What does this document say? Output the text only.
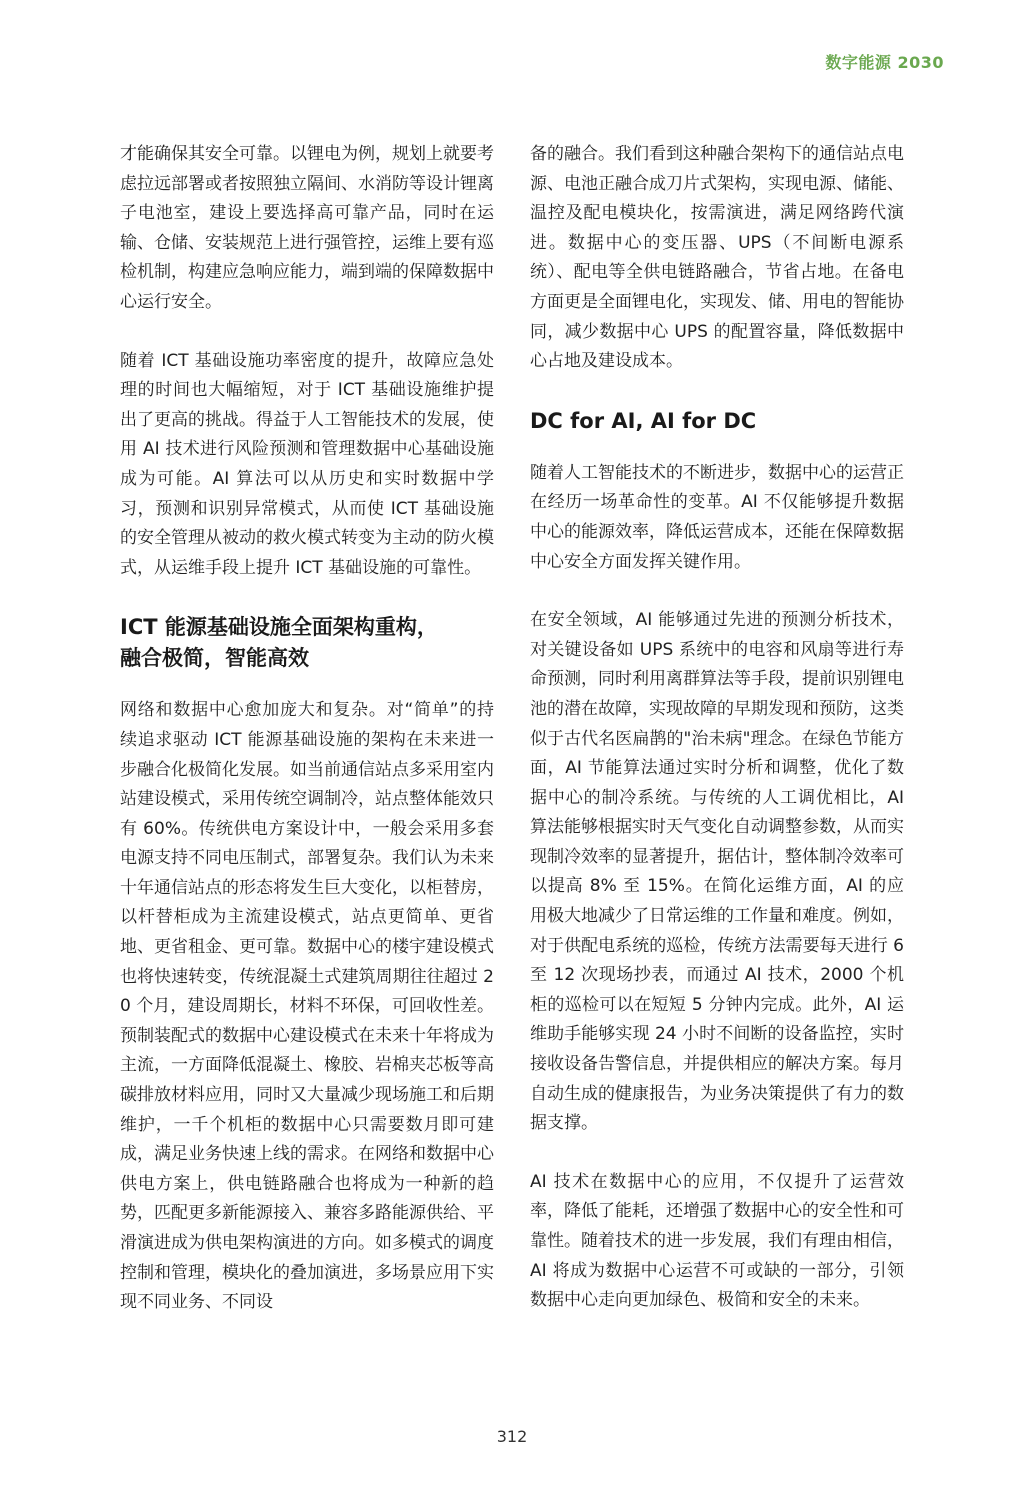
数字能源 2030

才能确保其安全可靠。以锂电为例，规划上就要考虑拉远部署或者按照独立隔间、水消防等设计锂离子电池室，建设上要选择高可靠产品，同时在运输、仓储、安装规范上进行强管控，运维上要有巡检机制，构建应急响应能力，端到端的保障数据中心运行安全。

随着 ICT 基础设施功率密度的提升，故障应急处理的时间也大幅缩短，对于 ICT 基础设施维护提出了更高的挑战。得益于人工智能技术的发展，使用 AI 技术进行风险预测和管理数据中心基础设施成为可能。AI 算法可以从历史和实时数据中学习，预测和识别异常模式，从而使 ICT 基础设施的安全管理从被动的救火模式转变为主动的防火模式，从运维手段上提升 ICT 基础设施的可靠性。

ICT 能源基础设施全面架构重构，
融合极简，智能高效

网络和数据中心愈加庞大和复杂。对“简单”的持续追求驱动 ICT 能源基础设施的架构在未来进一步融合化极简化发展。如当前通信站点多采用室内站建设模式，采用传统空调制冷，站点整体能效只有 60%。传统供电方案设计中，一般会采用多套电源支持不同电压制式，部署复杂。我们认为未来十年通信站点的形态将发生巨大变化，以柜替房，以杆替柜成为主流建设模式，站点更简单、更省地、更省租金、更可靠。数据中心的楼宇建设模式也将快速转变，传统混凝土式建筑周期往往超过 20 个月，建设周期长，材料不环保，可回收性差。预制装配式的数据中心建设模式在未来十年将成为主流，一方面降低混凝土、橡胶、岩棉夹芯板等高碳排放材料应用，同时又大量减少现场施工和后期维护，一千个机柜的数据中心只需要数月即可建成，满足业务快速上线的需求。在网络和数据中心供电方案上，供电链路融合也将成为一种新的趋势，匹配更多新能源接入、兼容多路能源供给、平滑演进成为供电架构演进的方向。如多模式的调度控制和管理，模块化的叠加演进，多场景应用下实现不同业务、不同设

备的融合。我们看到这种融合架构下的通信站点电源、电池正融合成刀片式架构，实现电源、储能、温控及配电模块化，按需演进，满足网络跨代演进。数据中心的变压器、UPS（不间断电源系统）、配电等全供电链路融合，节省占地。在备电方面更是全面锂电化，实现发、储、用电的智能协同，减少数据中心 UPS 的配置容量，降低数据中心占地及建设成本。

DC for AI, AI for DC

随着人工智能技术的不断进步，数据中心的运营正在经历一场革命性的变革。AI 不仅能够提升数据中心的能源效率，降低运营成本，还能在保障数据中心安全方面发挥关键作用。

在安全领域，AI 能够通过先进的预测分析技术，对关键设备如 UPS 系统中的电容和风扇等进行寿命预测，同时利用离群算法等手段，提前识别锂电池的潜在故障，实现故障的早期发现和预防，这类似于古代名医扁鹊的"治未病"理念。在绿色节能方面，AI 节能算法通过实时分析和调整，优化了数据中心的制冷系统。与传统的人工调优相比，AI 算法能够根据实时天气变化自动调整参数，从而实现制冷效率的显著提升，据估计，整体制冷效率可以提高 8% 至 15%。在简化运维方面，AI 的应用极大地减少了日常运维的工作量和难度。例如，对于供配电系统的巡检，传统方法需要每天进行 6 至 12 次现场抄表，而通过 AI 技术，2000 个机柜的巡检可以在短短 5 分钟内完成。此外，AI 运维助手能够实现 24 小时不间断的设备监控，实时接收设备告警信息，并提供相应的解决方案。每月自动生成的健康报告，为业务决策提供了有力的数据支撑。

AI 技术在数据中心的应用，不仅提升了运营效率，降低了能耗，还增强了数据中心的安全性和可靠性。随着技术的进一步发展，我们有理由相信，AI 将成为数据中心运营不可或缺的一部分，引领数据中心走向更加绿色、极简和安全的未来。

312
